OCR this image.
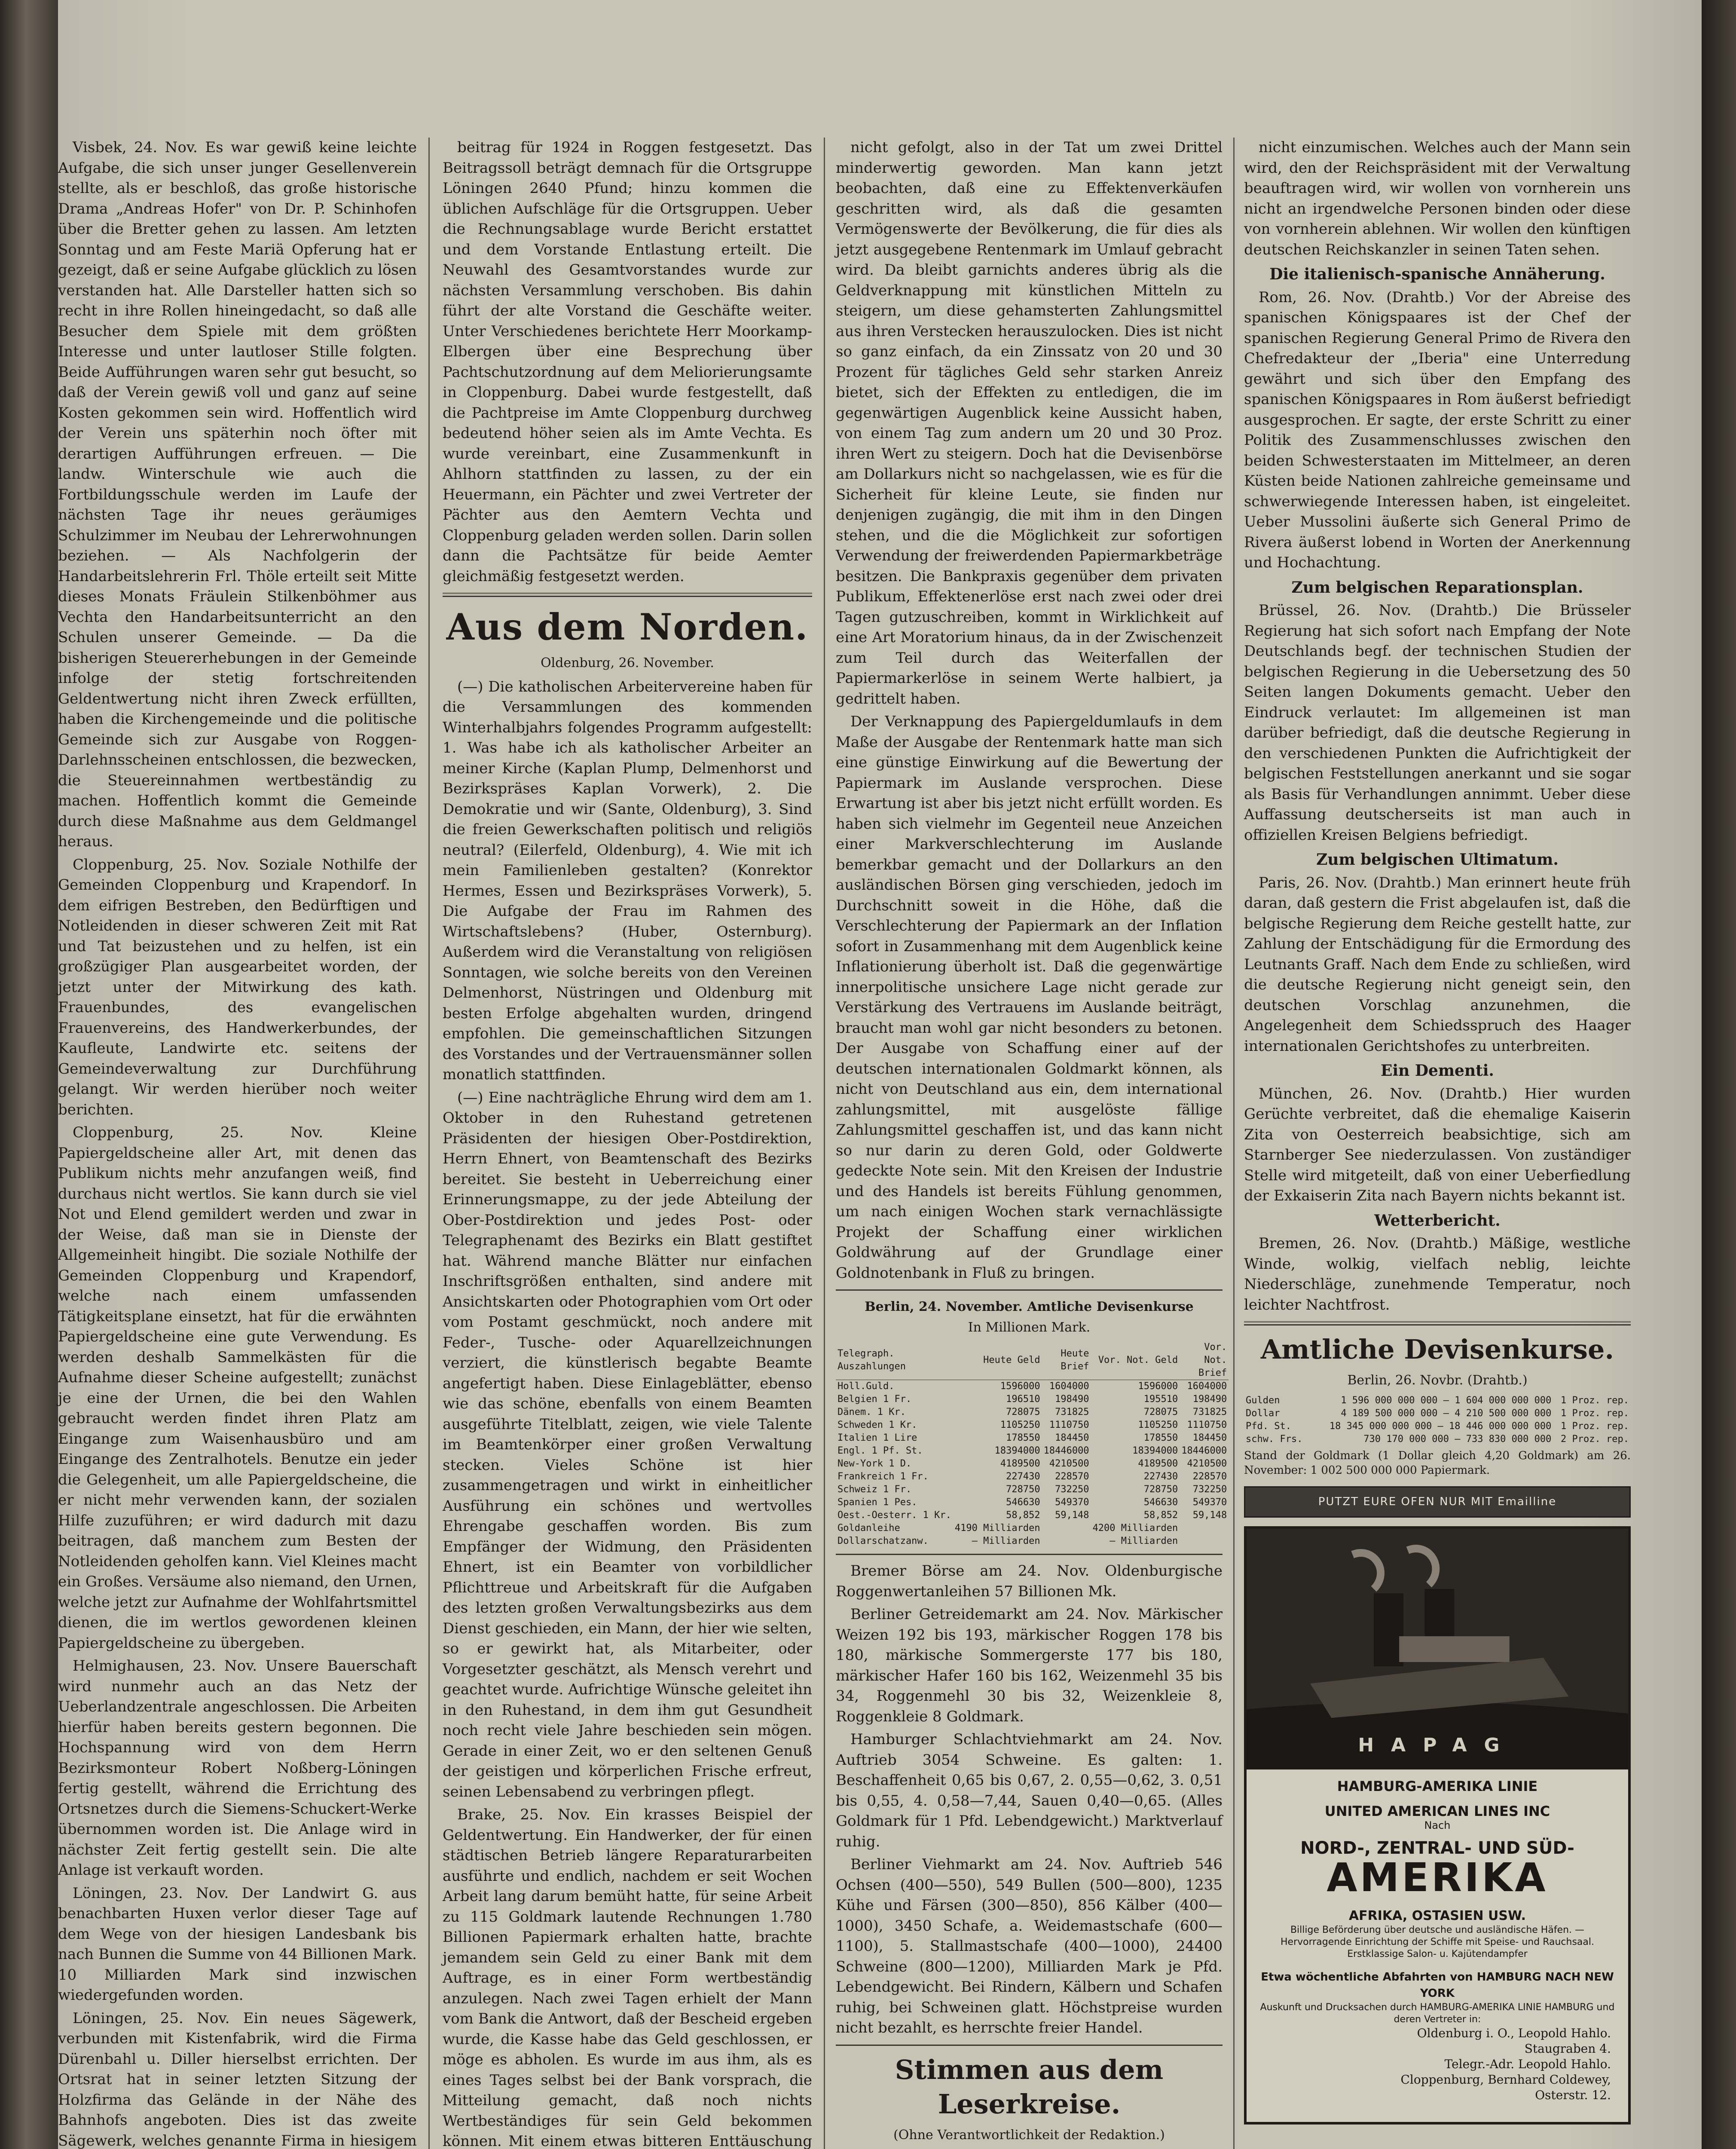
Visbek, 24. Nov. Es war gewiß keine leichte Aufgabe, die sich unser junger Gesellenverein stellte, als er beschloß, das große historische Drama „Andreas Hofer" von Dr. P. Schinhofen über die Bretter gehen zu lassen. Am letzten Sonntag und am Feste Mariä Opferung hat er gezeigt, daß er seine Aufgabe glücklich zu lösen verstanden hat. Alle Darsteller hatten sich so recht in ihre Rollen hineingedacht, so daß alle Besucher dem Spiele mit dem größten Interesse und unter lautloser Stille folgten. Beide Aufführungen waren sehr gut besucht, so daß der Verein gewiß voll und ganz auf seine Kosten gekommen sein wird. Hoffentlich wird der Verein uns späterhin noch öfter mit derartigen Aufführungen erfreuen. — Die landw. Winterschule wie auch die Fortbildungsschule werden im Laufe der nächsten Tage ihr neues geräumiges Schulzimmer im Neubau der Lehrerwohnungen beziehen. — Als Nachfolgerin der Handarbeitslehrerin Frl. Thöle erteilt seit Mitte dieses Monats Fräulein Stilkenböhmer aus Vechta den Handarbeitsunterricht an den Schulen unserer Gemeinde. — Da die bisherigen Steuererhebungen in der Gemeinde infolge der stetig fortschreitenden Geldentwertung nicht ihren Zweck erfüllten, haben die Kirchengemeinde und die politische Gemeinde sich zur Ausgabe von Roggen-Darlehnsscheinen entschlossen, die bezwecken, die Steuereinnahmen wertbeständig zu machen. Hoffentlich kommt die Gemeinde durch diese Maßnahme aus dem Geldmangel heraus.

Cloppenburg, 25. Nov. Soziale Nothilfe der Gemeinden Cloppenburg und Krapendorf. In dem eifrigen Bestreben, den Bedürftigen und Notleidenden in dieser schweren Zeit mit Rat und Tat beizustehen und zu helfen, ist ein großzügiger Plan ausgearbeitet worden, der jetzt unter der Mitwirkung des kath. Frauenbundes, des evangelischen Frauenvereins, des Handwerkerbundes, der Kaufleute, Landwirte etc. seitens der Gemeindeverwaltung zur Durchführung gelangt. Wir werden hierüber noch weiter berichten.

Cloppenburg, 25. Nov. Kleine Papiergeldscheine aller Art, mit denen das Publikum nichts mehr anzufangen weiß, find durchaus nicht wertlos. Sie kann durch sie viel Not und Elend gemildert werden und zwar in der Weise, daß man sie in Dienste der Allgemeinheit hingibt. Die soziale Nothilfe der Gemeinden Cloppenburg und Krapendorf, welche nach einem umfassenden Tätigkeitsplane einsetzt, hat für die erwähnten Papiergeldscheine eine gute Verwendung. Es werden deshalb Sammelkästen für die Aufnahme dieser Scheine aufgestellt; zunächst je eine der Urnen, die bei den Wahlen gebraucht werden findet ihren Platz am Eingange zum Waisenhausbüro und am Eingange des Zentralhotels. Benutze ein jeder die Gelegenheit, um alle Papiergeldscheine, die er nicht mehr verwenden kann, der sozialen Hilfe zuzuführen; er wird dadurch mit dazu beitragen, daß manchem zum Besten der Notleidenden geholfen kann. Viel Kleines macht ein Großes. Versäume also niemand, den Urnen, welche jetzt zur Aufnahme der Wohlfahrtsmittel dienen, die im wertlos gewordenen kleinen Papiergeldscheine zu übergeben.

Helmighausen, 23. Nov. Unsere Bauerschaft wird nunmehr auch an das Netz der Ueberlandzentrale angeschlossen. Die Arbeiten hierfür haben bereits gestern begonnen. Die Hochspannung wird von dem Herrn Bezirksmonteur Robert Noßberg-Löningen fertig gestellt, während die Errichtung des Ortsnetzes durch die Siemens-Schuckert-Werke übernommen worden ist. Die Anlage wird in nächster Zeit fertig gestellt sein. Die alte Anlage ist verkauft worden.

Löningen, 23. Nov. Der Landwirt G. aus benachbarten Huxen verlor dieser Tage auf dem Wege von der hiesigen Landesbank bis nach Bunnen die Summe von 44 Billionen Mark. 10 Milliarden Mark sind inzwischen wiedergefunden worden.

Löningen, 25. Nov. Ein neues Sägewerk, verbunden mit Kistenfabrik, wird die Firma Dürenbahl u. Diller hierselbst errichten. Der Ortsrat hat in seiner letzten Sitzung der Holzfirma das Gelände in der Nähe des Bahnhofs angeboten. Dies ist das zweite Sägewerk, welches genannte Firma in hiesigem

beitrag für 1924 in Roggen festgesetzt. Das Beitragssoll beträgt demnach für die Ortsgruppe Löningen 2640 Pfund; hinzu kommen die üblichen Aufschläge für die Ortsgruppen. Ueber die Rechnungsablage wurde Bericht erstattet und dem Vorstande Entlastung erteilt. Die Neuwahl des Gesamtvorstandes wurde zur nächsten Versammlung verschoben. Bis dahin führt der alte Vorstand die Geschäfte weiter. Unter Verschiedenes berichtete Herr Moorkamp-Elbergen über eine Besprechung über Pachtschutzordnung auf dem Meliorierungsamte in Cloppenburg. Dabei wurde festgestellt, daß die Pachtpreise im Amte Cloppenburg durchweg bedeutend höher seien als im Amte Vechta. Es wurde vereinbart, eine Zusammenkunft in Ahlhorn stattfinden zu lassen, zu der ein Heuermann, ein Pächter und zwei Vertreter der Pächter aus den Aemtern Vechta und Cloppenburg geladen werden sollen. Darin sollen dann die Pachtsätze für beide Aemter gleichmäßig festgesetzt werden.

Aus dem Norden.
Oldenburg, 26. November.

(—) Die katholischen Arbeitervereine haben für die Versammlungen des kommenden Winterhalbjahrs folgendes Programm aufgestellt: 1. Was habe ich als katholischer Arbeiter an meiner Kirche (Kaplan Plump, Delmenhorst und Bezirkspräses Kaplan Vorwerk), 2. Die Demokratie und wir (Sante, Oldenburg), 3. Sind die freien Gewerkschaften politisch und religiös neutral? (Eilerfeld, Oldenburg), 4. Wie mit ich mein Familienleben gestalten? (Konrektor Hermes, Essen und Bezirkspräses Vorwerk), 5. Die Aufgabe der Frau im Rahmen des Wirtschaftslebens? (Huber, Osternburg). Außerdem wird die Veranstaltung von religiösen Sonntagen, wie solche bereits von den Vereinen Delmenhorst, Nüstringen und Oldenburg mit besten Erfolge abgehalten wurden, dringend empfohlen. Die gemeinschaftlichen Sitzungen des Vorstandes und der Vertrauensmänner sollen monatlich stattfinden.

(—) Eine nachträgliche Ehrung wird dem am 1. Oktober in den Ruhestand getretenen Präsidenten der hiesigen Ober-Postdirektion, Herrn Ehnert, von Beamtenschaft des Bezirks bereitet. Sie besteht in Ueberreichung einer Erinnerungsmappe, zu der jede Abteilung der Ober-Postdirektion und jedes Post- oder Telegraphenamt des Bezirks ein Blatt gestiftet hat. Während manche Blätter nur einfachen Inschriftsgrößen enthalten, sind andere mit Ansichtskarten oder Photographien vom Ort oder vom Postamt geschmückt, noch andere mit Feder-, Tusche- oder Aquarellzeichnungen verziert, die künstlerisch begabte Beamte angefertigt haben. Diese Einlageblätter, ebenso wie das schöne, ebenfalls von einem Beamten ausgeführte Titelblatt, zeigen, wie viele Talente im Beamtenkörper einer großen Verwaltung stecken. Vieles Schöne ist hier zusammengetragen und wirkt in einheitlicher Ausführung ein schönes und wertvolles Ehrengabe geschaffen worden. Bis zum Empfänger der Widmung, den Präsidenten Ehnert, ist ein Beamter von vorbildlicher Pflichttreue und Arbeitskraft für die Aufgaben des letzten großen Verwaltungsbezirks aus dem Dienst geschieden, ein Mann, der hier wie selten, so er gewirkt hat, als Mitarbeiter, oder Vorgesetzter geschätzt, als Mensch verehrt und geachtet wurde. Aufrichtige Wünsche geleitet ihn in den Ruhestand, in dem ihm gut Gesundheit noch recht viele Jahre beschieden sein mögen. Gerade in einer Zeit, wo er den seltenen Genuß der geistigen und körperlichen Frische erfreut, seinen Lebensabend zu verbringen pflegt.

Brake, 25. Nov. Ein krasses Beispiel der Geldentwertung. Ein Handwerker, der für einen städtischen Betrieb längere Reparaturarbeiten ausführte und endlich, nachdem er seit Wochen Arbeit lang darum bemüht hatte, für seine Arbeit zu 115 Goldmark lautende Rechnungen 1.780 Billionen Papiermark erhalten hatte, brachte jemandem sein Geld zu einer Bank mit dem Auftrage, es in einer Form wertbeständig anzulegen. Nach zwei Tagen erhielt der Mann vom Bank die Antwort, daß der Bescheid ergeben wurde, die Kasse habe das Geld geschlossen, er möge es abholen. Es wurde im aus ihm, als es eines Tages selbst bei der Bank vorsprach, die Mitteilung gemacht, daß noch nichts Wertbeständiges für sein Geld bekommen können. Mit einem etwas bitteren Enttäuschung

nicht gefolgt, also in der Tat um zwei Drittel minderwertig geworden. Man kann jetzt beobachten, daß eine zu Effektenverkäufen geschritten wird, als daß die gesamten Vermögenswerte der Bevölkerung, die für dies als jetzt ausgegebene Rentenmark im Umlauf gebracht wird. Da bleibt garnichts anderes übrig als die Geldverknappung mit künstlichen Mitteln zu steigern, um diese gehamsterten Zahlungsmittel aus ihren Verstecken herauszulocken. Dies ist nicht so ganz einfach, da ein Zinssatz von 20 und 30 Prozent für tägliches Geld sehr starken Anreiz bietet, sich der Effekten zu entledigen, die im gegenwärtigen Augenblick keine Aussicht haben, von einem Tag zum andern um 20 und 30 Proz. ihren Wert zu steigern. Doch hat die Devisenbörse am Dollarkurs nicht so nachgelassen, wie es für die Sicherheit für kleine Leute, sie finden nur denjenigen zugängig, die mit ihm in den Dingen stehen, und die die Möglichkeit zur sofortigen Verwendung der freiwerdenden Papiermarkbeträge besitzen. Die Bankpraxis gegenüber dem privaten Publikum, Effektenerlöse erst nach zwei oder drei Tagen gutzuschreiben, kommt in Wirklichkeit auf eine Art Moratorium hinaus, da in der Zwischenzeit zum Teil durch das Weiterfallen der Papiermarkerlöse in seinem Werte halbiert, ja gedrittelt haben.

Der Verknappung des Papiergeldumlaufs in dem Maße der Ausgabe der Rentenmark hatte man sich eine günstige Einwirkung auf die Bewertung der Papiermark im Auslande versprochen. Diese Erwartung ist aber bis jetzt nicht erfüllt worden. Es haben sich vielmehr im Gegenteil neue Anzeichen einer Markverschlechterung im Auslande bemerkbar gemacht und der Dollarkurs an den ausländischen Börsen ging verschieden, jedoch im Durchschnitt soweit in die Höhe, daß die Verschlechterung der Papiermark an der Inflation sofort in Zusammenhang mit dem Augenblick keine Inflationierung überholt ist. Daß die gegenwärtige innerpolitische unsichere Lage nicht gerade zur Verstärkung des Vertrauens im Auslande beiträgt, braucht man wohl gar nicht besonders zu betonen. Der Ausgabe von Schaffung einer auf der deutschen internationalen Goldmarkt können, als nicht von Deutschland aus ein, dem international zahlungsmittel, mit ausgelöste fällige Zahlungsmittel geschaffen ist, und das kann nicht so nur darin zu deren Gold, oder Goldwerte gedeckte Note sein. Mit den Kreisen der Industrie und des Handels ist bereits Fühlung genommen, um nach einigen Wochen stark vernachlässigte Projekt der Schaffung einer wirklichen Goldwährung auf der Grundlage einer Goldnotenbank in Fluß zu bringen.

Berlin, 24. November. Amtliche Devisenkurse
In Millionen Mark.
Telegraph. Auszahlungen	Heute Geld	Heute Brief	Vor. Not. Geld	Vor. Not. Brief
Holl.Guld.	1596000	1604000	1596000	1604000
Belgien 1 Fr.	196510	198490	195510	198490
Dänem. 1 Kr.	728075	731825	728075	731825
Schweden 1 Kr.	1105250	1110750	1105250	1110750
Italien 1 Lire	178550	184450	178550	184450
Engl. 1 Pf. St.	18394000	18446000	18394000	18446000
New-York 1 D.	4189500	4210500	4189500	4210500
Frankreich 1 Fr.	227430	228570	227430	228570
Schweiz 1 Fr.	728750	732250	728750	732250
Spanien 1 Pes.	546630	549370	546630	549370
Oest.-Oesterr. 1 Kr.	58,852	59,148	58,852	59,148
Goldanleihe	4190 Milliarden		4200 Milliarden	
Dollarschatzanw.	— Milliarden		— Milliarden	

Bremer Börse am 24. Nov. Oldenburgische Roggenwertanleihen 57 Billionen Mk.

Berliner Getreidemarkt am 24. Nov. Märkischer Weizen 192 bis 193, märkischer Roggen 178 bis 180, märkische Sommergerste 177 bis 180, märkischer Hafer 160 bis 162, Weizenmehl 35 bis 34, Roggenmehl 30 bis 32, Weizenkleie 8, Roggenkleie 8 Goldmark.

Hamburger Schlachtviehmarkt am 24. Nov. Auftrieb 3054 Schweine. Es galten: 1. Beschaffenheit 0,65 bis 0,67, 2. 0,55—0,62, 3. 0,51 bis 0,55, 4. 0,58—7,44, Sauen 0,40—0,65. (Alles Goldmark für 1 Pfd. Lebendgewicht.) Marktverlauf ruhig.

Berliner Viehmarkt am 24. Nov. Auftrieb 546 Ochsen (400—550), 549 Bullen (500—800), 1235 Kühe und Färsen (300—850), 856 Kälber (400—1000), 3450 Schafe, a. Weidemastschafe (600—1100), 5. Stallmastschafe (400—1000), 24400 Schweine (800—1200), Milliarden Mark je Pfd. Lebendgewicht. Bei Rindern, Kälbern und Schafen ruhig, bei Schweinen glatt. Höchstpreise wurden nicht bezahlt, es herrschte freier Handel.

Stimmen aus dem Leserkreise.
(Ohne Verantwortlichkeit der Redaktion.)

nicht einzumischen. Welches auch der Mann sein wird, den der Reichspräsident mit der Verwaltung beauftragen wird, wir wollen von vornherein uns nicht an irgendwelche Personen binden oder diese von vornherein ablehnen. Wir wollen den künftigen deutschen Reichskanzler in seinen Taten sehen.

Die italienisch-spanische Annäherung.

Rom, 26. Nov. (Drahtb.) Vor der Abreise des spanischen Königspaares ist der Chef der spanischen Regierung General Primo de Rivera den Chefredakteur der „Iberia" eine Unterredung gewährt und sich über den Empfang des spanischen Königspaares in Rom äußerst befriedigt ausgesprochen. Er sagte, der erste Schritt zu einer Politik des Zusammenschlusses zwischen den beiden Schwesterstaaten im Mittelmeer, an deren Küsten beide Nationen zahlreiche gemeinsame und schwerwiegende Interessen haben, ist eingeleitet. Ueber Mussolini äußerte sich General Primo de Rivera äußerst lobend in Worten der Anerkennung und Hochachtung.

Zum belgischen Reparationsplan.

Brüssel, 26. Nov. (Drahtb.) Die Brüsseler Regierung hat sich sofort nach Empfang der Note Deutschlands begf. der technischen Studien der belgischen Regierung in die Uebersetzung des 50 Seiten langen Dokuments gemacht. Ueber den Eindruck verlautet: Im allgemeinen ist man darüber befriedigt, daß die deutsche Regierung in den verschiedenen Punkten die Aufrichtigkeit der belgischen Feststellungen anerkannt und sie sogar als Basis für Verhandlungen annimmt. Ueber diese Auffassung deutscherseits ist man auch in offiziellen Kreisen Belgiens befriedigt.

Zum belgischen Ultimatum.

Paris, 26. Nov. (Drahtb.) Man erinnert heute früh daran, daß gestern die Frist abgelaufen ist, daß die belgische Regierung dem Reiche gestellt hatte, zur Zahlung der Entschädigung für die Ermordung des Leutnants Graff. Nach dem Ende zu schließen, wird die deutsche Regierung nicht geneigt sein, den deutschen Vorschlag anzunehmen, die Angelegenheit dem Schiedsspruch des Haager internationalen Gerichtshofes zu unterbreiten.

Ein Dementi.

München, 26. Nov. (Drahtb.) Hier wurden Gerüchte verbreitet, daß die ehemalige Kaiserin Zita von Oesterreich beabsichtige, sich am Starnberger See niederzulassen. Von zuständiger Stelle wird mitgeteilt, daß von einer Ueberfiedlung der Exkaiserin Zita nach Bayern nichts bekannt ist.

Wetterbericht.

Bremen, 26. Nov. (Drahtb.) Mäßige, westliche Winde, wolkig, vielfach neblig, leichte Niederschläge, zunehmende Temperatur, noch leichter Nachtfrost.

Amtliche Devisenkurse.
Berlin, 26. Novbr. (Drahtb.)
Gulden	1 596 000 000 000 — 1 604 000 000 000	1 Proz. rep.
Dollar	4 189 500 000 000 — 4 210 500 000 000	1 Proz. rep.
Pfd. St.	18 345 000 000 000 — 18 446 000 000 000	1 Proz. rep.
schw. Frs.	730 170 000 000 — 733 830 000 000	2 Proz. rep.

Stand der Goldmark (1 Dollar gleich 4,20 Goldmark) am 26. November: 1 002 500 000 000 Papiermark.

PUTZT EURE OFEN NUR MIT Emailline
HAPAG
HAMBURG-AMERIKA LINIE
UNITED AMERICAN LINES INC
Nach
NORD-, ZENTRAL- UND SÜD-
AMERIKA
AFRIKA, OSTASIEN USW.
Billige Beförderung über deutsche und ausländische Häfen. — Hervorragende Einrichtung der Schiffe mit Speise- und Rauchsaal. Erstklassige Salon- u. Kajütendampfer
Etwa wöchentliche Abfahrten von HAMBURG NACH NEW YORK
Auskunft und Drucksachen durch HAMBURG-AMERIKA LINIE HAMBURG und deren Vertreter in:
Oldenburg i. O., Leopold Hahlo.
Staugraben 4.
Telegr.-Adr. Leopold Hahlo.
Cloppenburg, Bernhard Coldewey,
Osterstr. 12.
